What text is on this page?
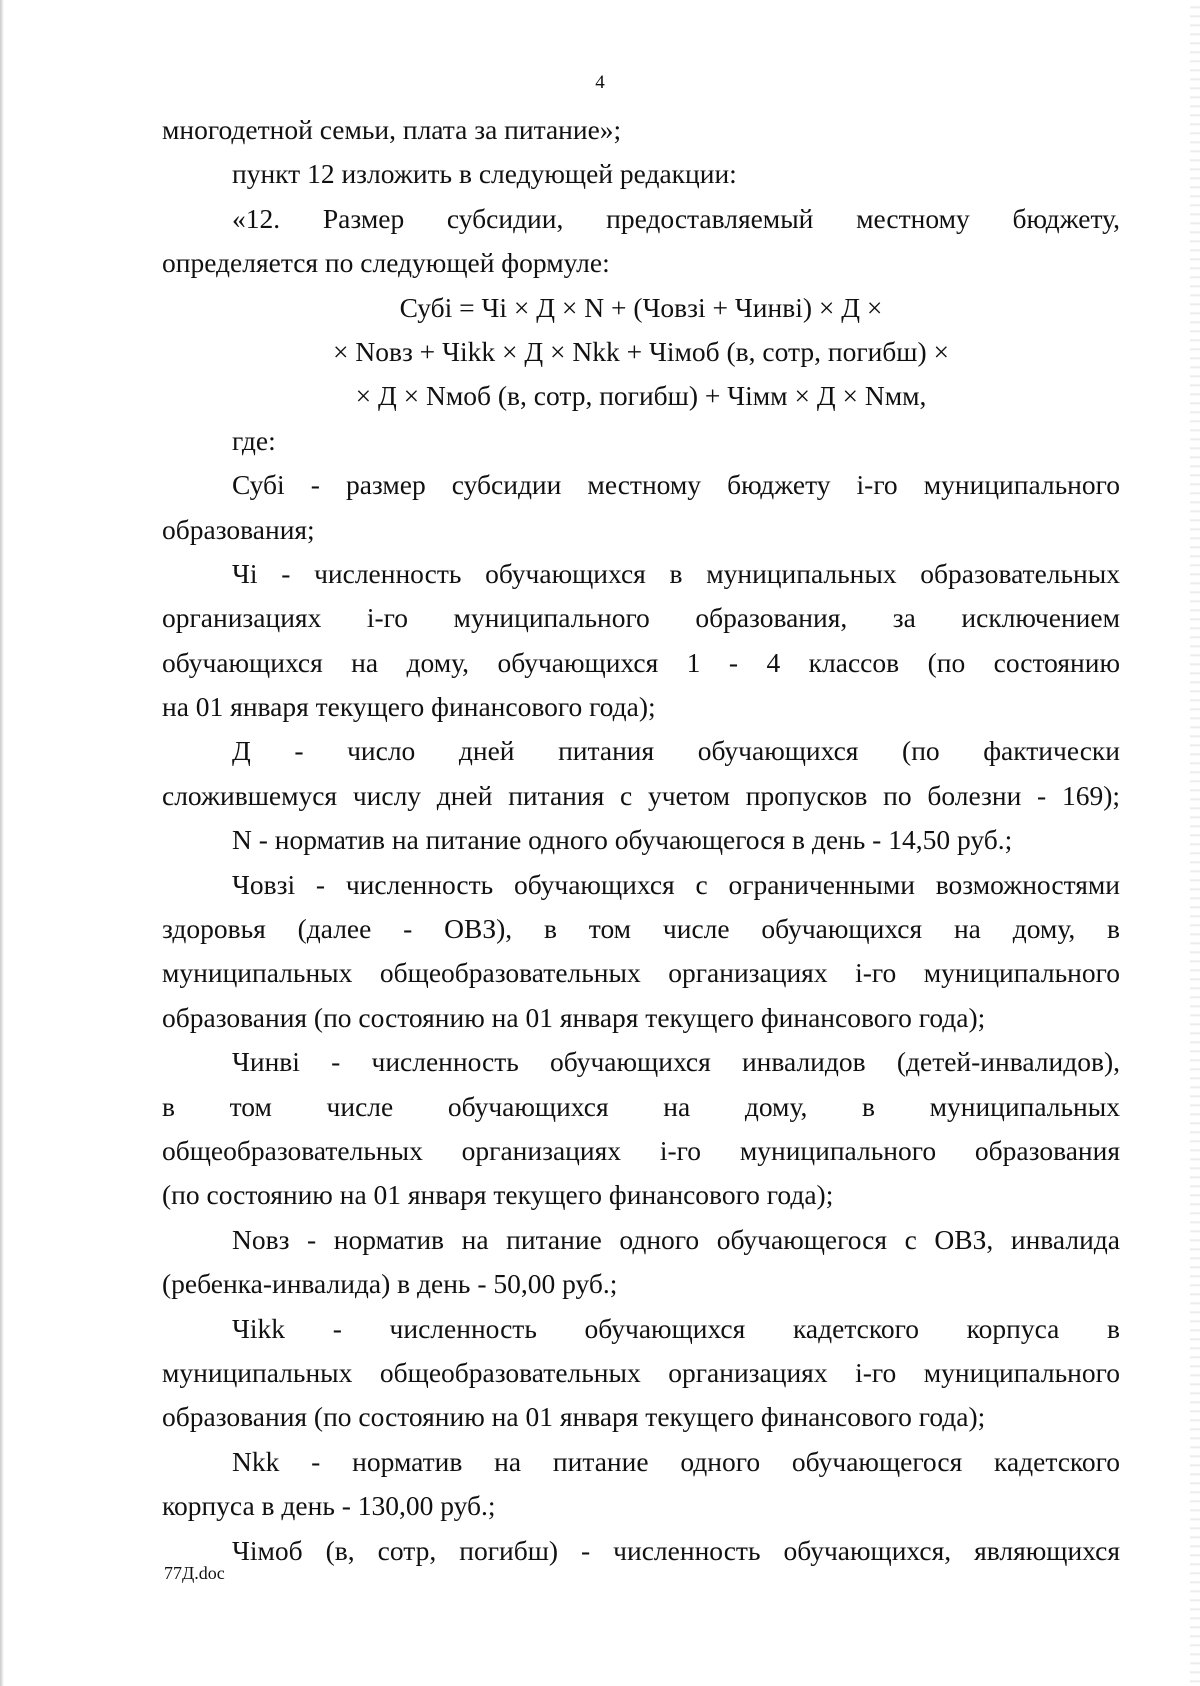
4
многодетной семьи, плата за питание»;
пункт 12 изложить в следующей редакции:
«12. Размер субсидии, предоставляемый местному бюджету,
определяется по следующей формуле:
Субi = Чi × Д × N + (Човзi + Чинвi) × Д ×
× Nовз + Чikk × Д × Nkk + Чiмоб (в, сотр, погибш) ×
× Д × Nмоб (в, сотр, погибш) + Чiмм × Д × Nмм,
где:
Субi - размер субсидии местному бюджету i-го муниципального
образования;
Чi - численность обучающихся в муниципальных образовательных
организациях i-го муниципального образования, за исключением
обучающихся на дому, обучающихся 1 - 4 классов (по состоянию
на 01 января текущего финансового года);
Д - число дней питания обучающихся (по фактически
сложившемуся числу дней питания с учетом пропусков по болезни - 169);
N - норматив на питание одного обучающегося в день - 14,50 руб.;
Човзi - численность обучающихся с ограниченными возможностями
здоровья (далее - ОВЗ), в том числе обучающихся на дому, в
муниципальных общеобразовательных организациях i-го муниципального
образования (по состоянию на 01 января текущего финансового года);
Чинвi - численность обучающихся инвалидов (детей-инвалидов),
в том числе обучающихся на дому, в муниципальных
общеобразовательных организациях i-го муниципального образования
(по состоянию на 01 января текущего финансового года);
Nовз - норматив на питание одного обучающегося с ОВЗ, инвалида
(ребенка-инвалида) в день - 50,00 руб.;
Чikk - численность обучающихся кадетского корпуса в
муниципальных общеобразовательных организациях i-го муниципального
образования (по состоянию на 01 января текущего финансового года);
Nkk - норматив на питание одного обучающегося кадетского
корпуса в день - 130,00 руб.;
Чiмоб (в, сотр, погибш) - численность обучающихся, являющихся
77Д.doc
